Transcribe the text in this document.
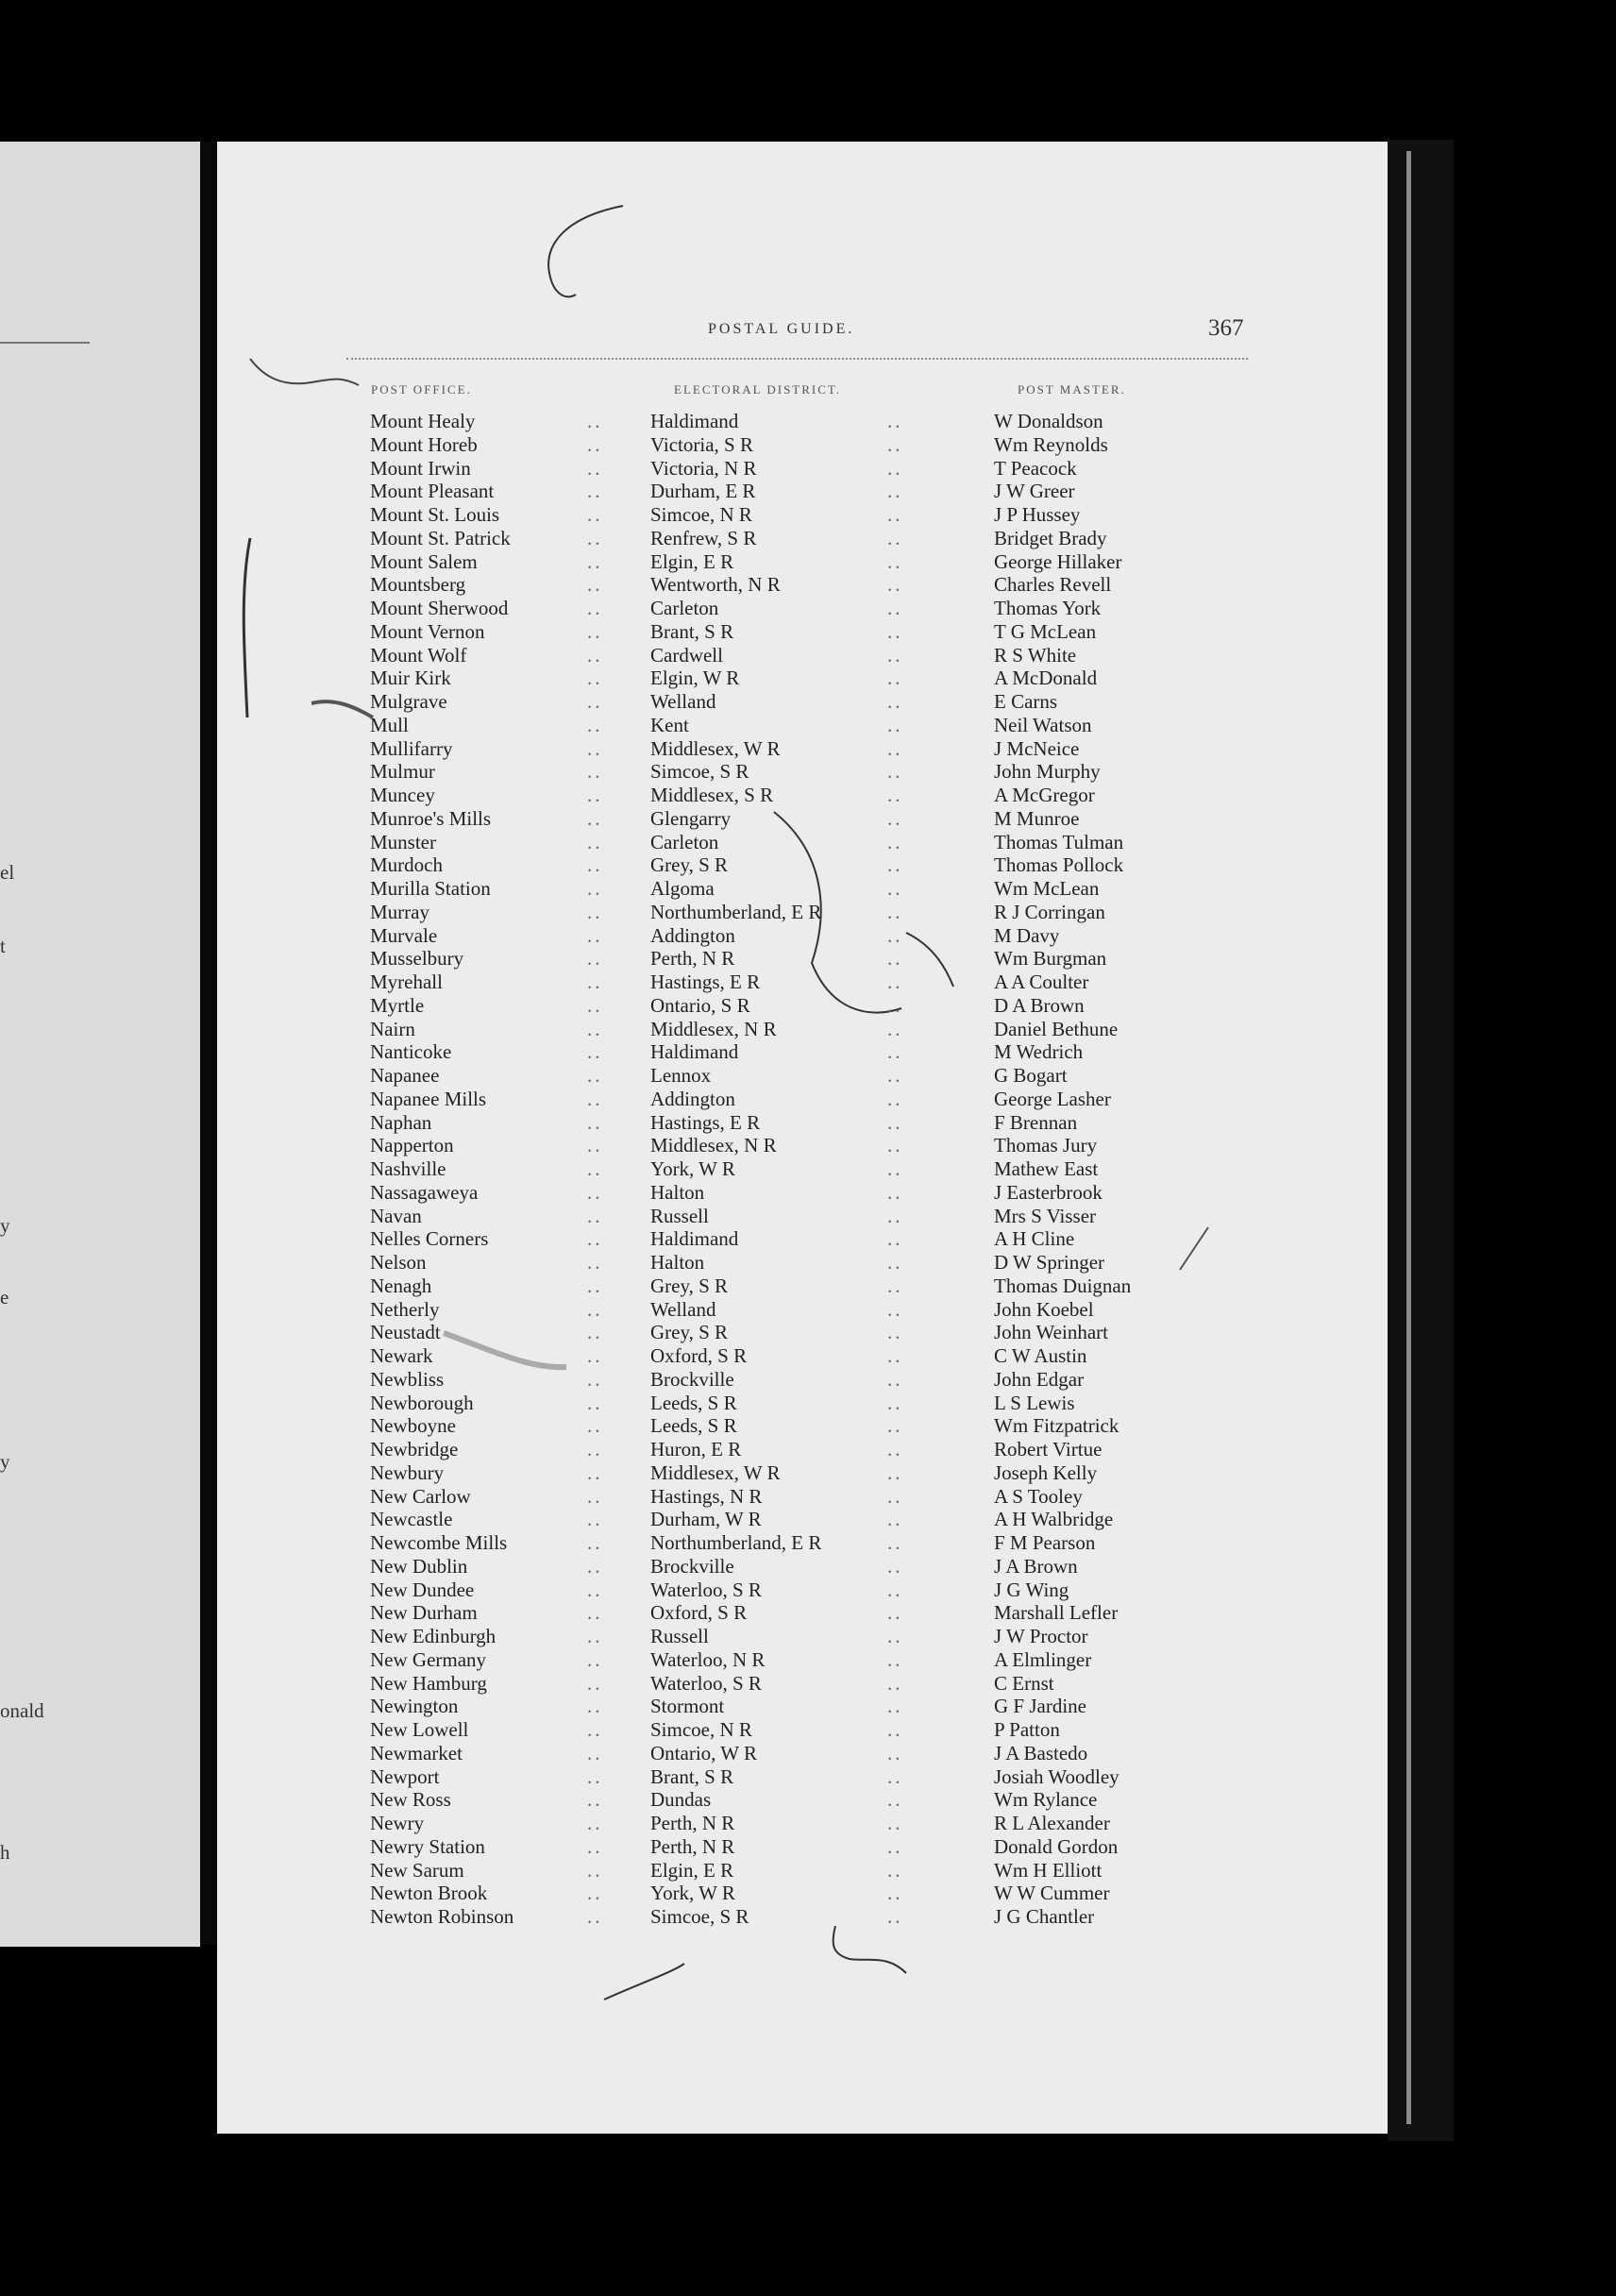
el
t
y
e
y
onald
h
POSTAL GUIDE.	367
POST OFFICE.	ELECTORAL DISTRICT.	POST MASTER.
Mount Healy	.. Haldimand	..	W Donaldson
Mount Horeb	.. Victoria, S R	..	Wm Reynolds
Mount Irwin	.. Victoria, N R	..	T Peacock
Mount Pleasant	.. Durham, E R	..	J W Greer
Mount St. Louis	.. Simcoe, N R	..	J P Hussey
Mount St. Patrick	.. Renfrew, S R	..	Bridget Brady
Mount Salem	.. Elgin, E R	..	George Hillaker
Mountsberg	.. Wentworth, N R	..	Charles Revell
Mount Sherwood	.. Carleton	..	Thomas York
Mount Vernon	.. Brant, S R	..	T G McLean
Mount Wolf	.. Cardwell	..	R S White
Muir Kirk	.. Elgin, W R	..	A McDonald
Mulgrave	.. Welland	..	E Carns
Mull	.. Kent	..	Neil Watson
Mullifarry	.. Middlesex, W R	..	J McNeice
Mulmur	.. Simcoe, S R	..	John Murphy
Muncey	.. Middlesex, S R	..	A McGregor
Munroe's Mills	.. Glengarry	..	M Munroe
Munster	.. Carleton	..	Thomas Tulman
Murdoch	.. Grey, S R	..	Thomas Pollock
Murilla Station	.. Algoma	..	Wm McLean
Murray	.. Northumberland, E R	..	R J Corringan
Murvale	.. Addington	..	M Davy
Musselbury	.. Perth, N R	..	Wm Burgman
Myrehall	.. Hastings, E R	..	A A Coulter
Myrtle	.. Ontario, S R	..	D A Brown
Nairn	.. Middlesex, N R	..	Daniel Bethune
Nanticoke	.. Haldimand	..	M Wedrich
Napanee	.. Lennox	..	G Bogart
Napanee Mills	.. Addington	..	George Lasher
Naphan	.. Hastings, E R	..	F Brennan
Napperton	.. Middlesex, N R	..	Thomas Jury
Nashville	.. York, W R	..	Mathew East
Nassagaweya	.. Halton	..	J Easterbrook
Navan	.. Russell	..	Mrs S Visser
Nelles Corners	.. Haldimand	..	A H Cline
Nelson	.. Halton	..	D W Springer
Nenagh	.. Grey, S R	..	Thomas Duignan
Netherly	.. Welland	..	John Koebel
Neustadt	.. Grey, S R	..	John Weinhart
Newark	.. Oxford, S R	..	C W Austin
Newbliss	.. Brockville	..	John Edgar
Newborough	.. Leeds, S R	..	L S Lewis
Newboyne	.. Leeds, S R	..	Wm Fitzpatrick
Newbridge	.. Huron, E R	..	Robert Virtue
Newbury	.. Middlesex, W R	..	Joseph Kelly
New Carlow	.. Hastings, N R	..	A S Tooley
Newcastle	.. Durham, W R	..	A H Walbridge
Newcombe Mills	.. Northumberland, E R	..	F M Pearson
New Dublin	.. Brockville	..	J A Brown
New Dundee	.. Waterloo, S R	..	J G Wing
New Durham	.. Oxford, S R	..	Marshall Lefler
New Edinburgh	.. Russell	..	J W Proctor
New Germany	.. Waterloo, N R	..	A Elmlinger
New Hamburg	.. Waterloo, S R	..	C Ernst
Newington	.. Stormont	..	G F Jardine
New Lowell	.. Simcoe, N R	..	P Patton
Newmarket	.. Ontario, W R	..	J A Bastedo
Newport	.. Brant, S R	..	Josiah Woodley
New Ross	.. Dundas	..	Wm Rylance
Newry	.. Perth, N R	..	R L Alexander
Newry Station	.. Perth, N R	..	Donald Gordon
New Sarum	.. Elgin, E R	..	Wm H Elliott
Newton Brook	.. York, W R	..	W W Cummer
Newton Robinson	.. Simcoe, S R	..	J G Chantler
